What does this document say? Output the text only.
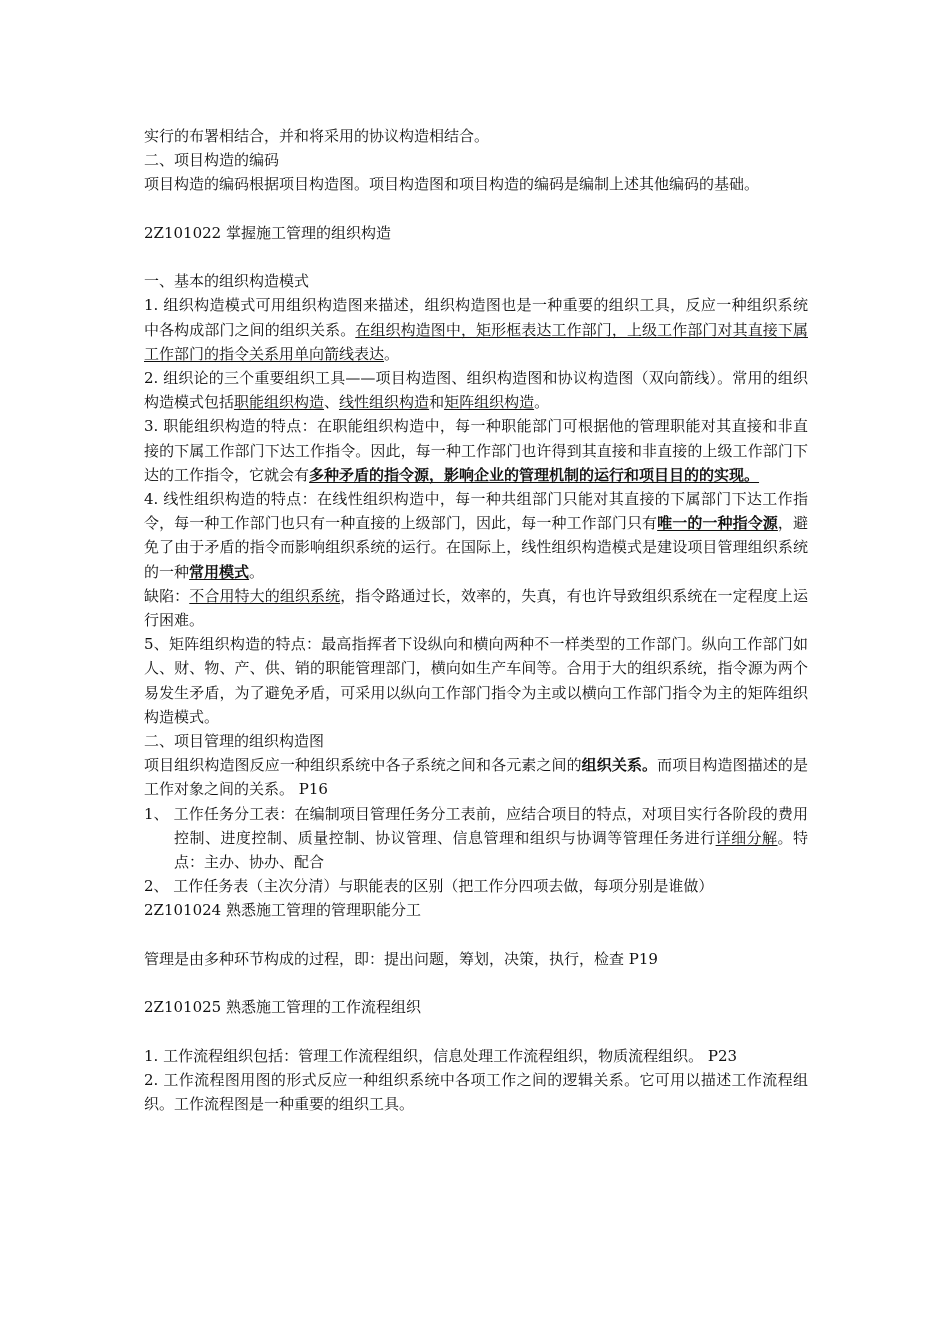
实行的布署相结合，并和将采用的协议构造相结合。

二、项目构造的编码

项目构造的编码根据项目构造图。项目构造图和项目构造的编码是编制上述其他编码的基础。

2Z101022 掌握施工管理的组织构造

一、基本的组织构造模式

1. 组织构造模式可用组织构造图来描述，组织构造图也是一种重要的组织工具，反应一种组织系统中各构成部门之间的组织关系。在组织构造图中，矩形框表达工作部门，上级工作部门对其直接下属工作部门的指令关系用单向箭线表达。

2. 组织论的三个重要组织工具——项目构造图、组织构造图和协议构造图（双向箭线）。常用的组织构造模式包括职能组织构造、线性组织构造和矩阵组织构造。

3. 职能组织构造的特点：在职能组织构造中，每一种职能部门可根据他的管理职能对其直接和非直接的下属工作部门下达工作指令。因此，每一种工作部门也许得到其直接和非直接的上级工作部门下达的工作指令，它就会有多种矛盾的指令源，影响企业的管理机制的运行和项目目的的实现。

4. 线性组织构造的特点：在线性组织构造中，每一种共组部门只能对其直接的下属部门下达工作指令，每一种工作部门也只有一种直接的上级部门，因此，每一种工作部门只有唯一的一种指令源，避免了由于矛盾的指令而影响组织系统的运行。在国际上，线性组织构造模式是建设项目管理组织系统的一种常用模式。

缺陷：不合用特大的组织系统，指令路通过长，效率的，失真，有也许导致组织系统在一定程度上运行困难。

5、矩阵组织构造的特点：最高指挥者下设纵向和横向两种不一样类型的工作部门。纵向工作部门如人、财、物、产、供、销的职能管理部门，横向如生产车间等。合用于大的组织系统，指令源为两个易发生矛盾，为了避免矛盾，可采用以纵向工作部门指令为主或以横向工作部门指令为主的矩阵组织构造模式。

二、项目管理的组织构造图

项目组织构造图反应一种组织系统中各子系统之间和各元素之间的组织关系。而项目构造图描述的是工作对象之间的关系。 P16

1、 工作任务分工表：在编制项目管理任务分工表前，应结合项目的特点，对项目实行各阶段的费用控制、进度控制、质量控制、协议管理、信息管理和组织与协调等管理任务进行详细分解。特点：主办、协办、配合

2、 工作任务表（主次分清）与职能表的区别（把工作分四项去做，每项分别是谁做）

2Z101024 熟悉施工管理的管理职能分工

管理是由多种环节构成的过程，即：提出问题，筹划，决策，执行，检查 P19

2Z101025 熟悉施工管理的工作流程组织

1. 工作流程组织包括：管理工作流程组织，信息处理工作流程组织，物质流程组织。 P23

2. 工作流程图用图的形式反应一种组织系统中各项工作之间的逻辑关系。它可用以描述工作流程组织。工作流程图是一种重要的组织工具。
